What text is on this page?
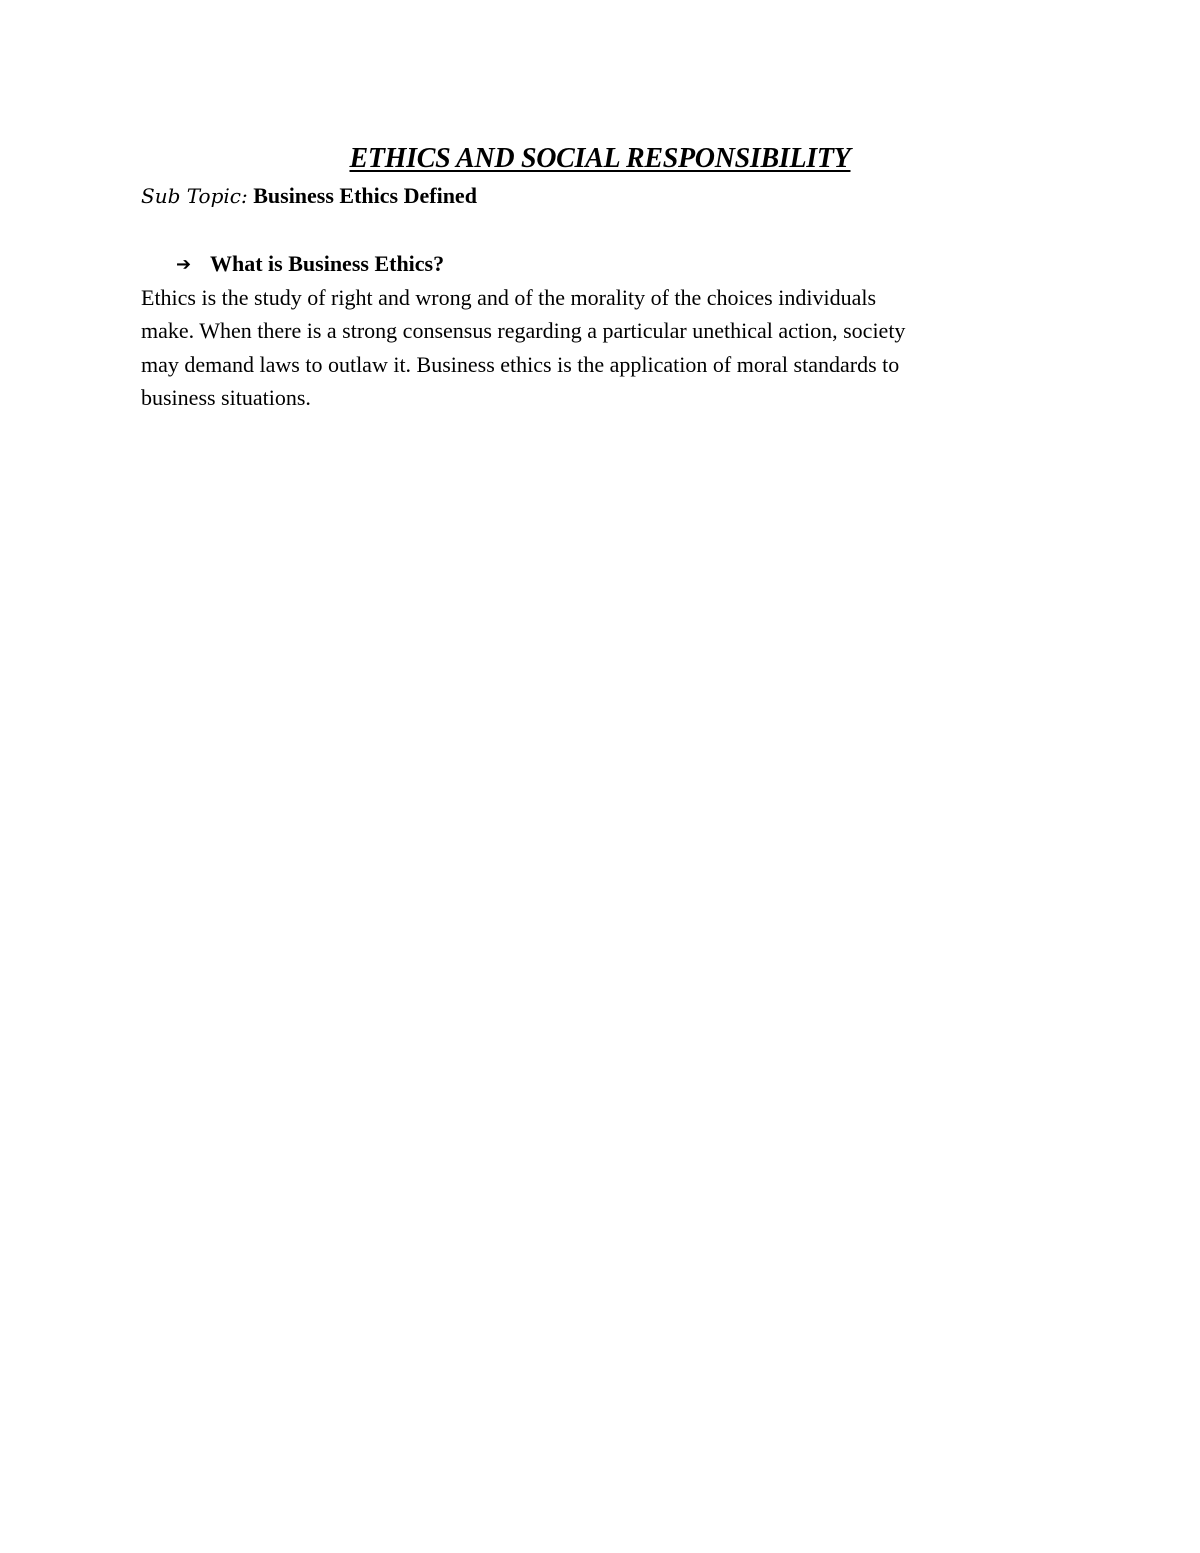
ETHICS AND SOCIAL RESPONSIBILITY
Sub Topic: Business Ethics Defined
➔ What is Business Ethics?
Ethics is the study of right and wrong and of the morality of the choices individuals
make. When there is a strong consensus regarding a particular unethical action, society
may demand laws to outlaw it. Business ethics is the application of moral standards to
business situations.
